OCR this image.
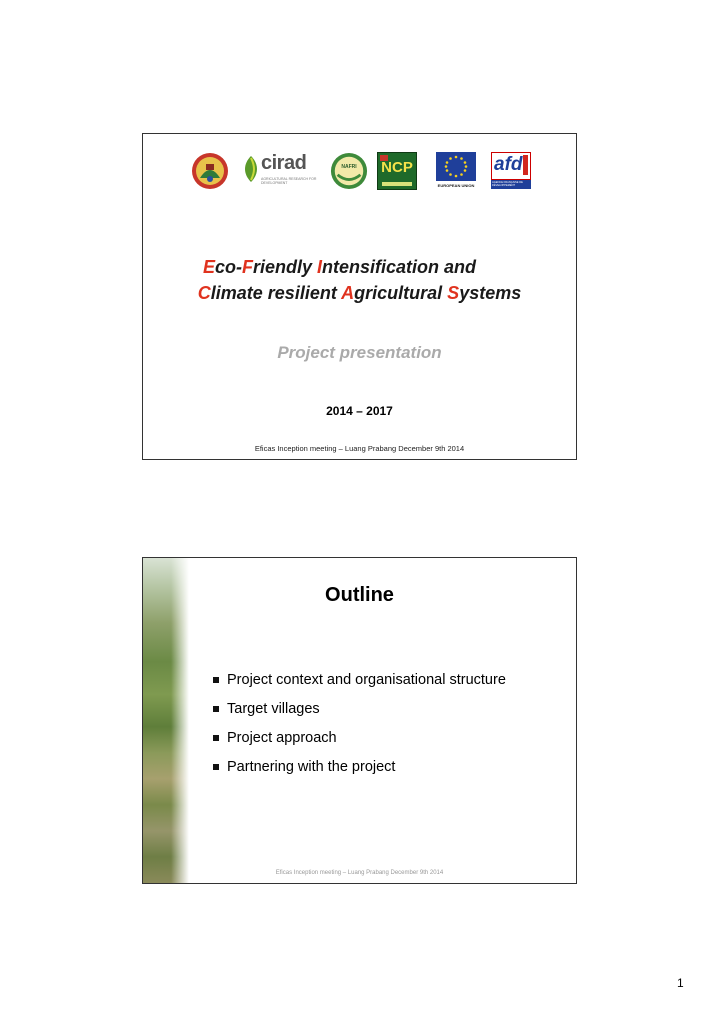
cirad
AGRICULTURAL RESEARCH FOR DEVELOPMENT
NAFRI	NCP
EUROPEAN UNION
afd
AGENCE FRANÇAISE DE DÉVELOPPEMENT
Eco-Friendly Intensification and
Climate resilient Agricultural Systems
Project presentation
2014 – 2017
Eficas Inception meeting – Luang Prabang December 9th 2014
Outline
Project context and organisational structure
Target villages
Project approach
Partnering with the project
Eficas Inception meeting – Luang Prabang December 9th 2014
1
